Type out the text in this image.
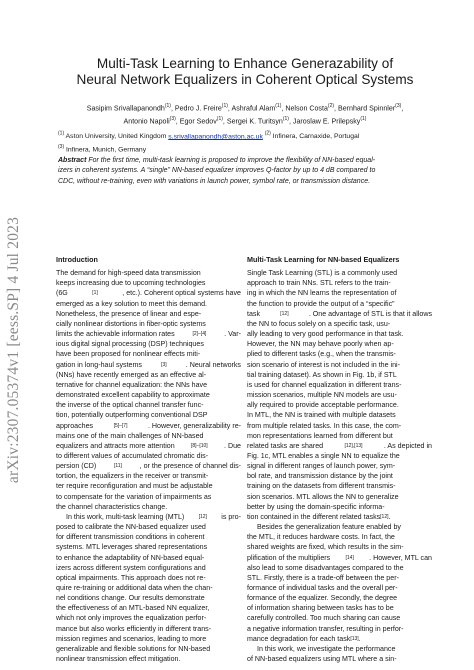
arXiv:2307.05374v1 [eess.SP] 4 Jul 2023
Multi-Task Learning to Enhance Generazability of
Neural Network Equalizers in Coherent Optical Systems
Sasipim Srivallapanondh$^{(1)}$, Pedro J. Freire$^{(1)}$, Ashraful Alam$^{(1)}$, Nelson Costa$^{(2)}$, Bernhard Spinnler$^{(3)}$,
Antonio Napoli$^{(3)}$, Egor Sedov$^{(1)}$, Sergei K. Turitsyn$^{(1)}$, Jaroslaw E. Prilepsky$^{(1)}$
$^{(1)}$ Aston University, United Kingdom s.srivallapanondh@aston.ac.uk $^{(2)}$ Infinera, Carnaxide, Portugal
$^{(3)}$ Infinera, Munich, Germany
Abstract For the first time, multi-task learning is proposed to improve the flexibility of NN-based equal-
izers in coherent systems. A “single” NN-based equalizer improves Q-factor by up to 4 dB compared to
CDC, without re-training, even with variations in launch power, symbol rate, or transmission distance.
Introduction
The demand for high-speed data transmission
keeps increasing due to upcoming technologies
(6G	[1]	, etc.). Coherent optical systems have
emerged as a key solution to meet this demand.
Nonetheless, the presence of linear and espe-
cially nonlinear distortions in fiber-optic systems
limits the achievable information rates	[2]–[4]	. Var-
ious digital signal processing (DSP) techniques
have been proposed for nonlinear effects miti-
gation in long-haul systems	[3]	. Neural networks
(NNs) have recently emerged as an effective al-
ternative for channel equalization: the NNs have
demonstrated excellent capability to approximate
the inverse of the optical channel transfer func-
tion, potentially outperforming conventional DSP
approaches	[5]–[7]	. However, generalizability re-
mains one of the main challenges of NN-based
equalizers and attracts more attention	[8]–[10] . Due
to different values of accumulated chromatic dis-
persion (CD)	[11] , or the presence of channel dis-
tortion, the equalizers in the receiver or transmit-
ter require reconfiguration and must be adjustable
to compensate for the variation of impairments as
the channel characteristics change.
In this work, multi-task learning (MTL)	[12] is pro-
posed to calibrate the NN-based equalizer used
for different transmission conditions in coherent
systems. MTL leverages shared representations
to enhance the adaptability of NN-based equal-
izers across different system configurations and
optical impairments. This approach does not re-
quire re-training or additional data when the chan-
nel conditions change. Our results demonstrate
the effectiveness of an MTL-based NN equalizer,
which not only improves the equalization perfor-
mance but also works efficiently in different trans-
mission regimes and scenarios, leading to more
generalizable and flexible solutions for NN-based
nonlinear transmission effect mitigation.
Multi-Task Learning for NN-based Equalizers
Single Task Learning (STL) is a commonly used
approach to train NNs. STL refers to the train-
ing in which the NN learns the representation of
the function to provide the output of a “specific”
task	[12]	. One advantage of STL is that it allows
the NN to focus solely on a specific task, usu-
ally leading to very good performance in that task.
However, the NN may behave poorly when ap-
plied to different tasks (e.g., when the transmis-
sion scenario of interest is not included in the ini-
tial training dataset). As shown in Fig. 1b, if STL
is used for channel equalization in different trans-
mission scenarios, multiple NN models are usu-
ally required to provide acceptable performance.
In MTL, the NN is trained with multiple datasets
from multiple related tasks. In this case, the com-
mon representations learned from different but
related tasks are shared	[12],[13]	. As depicted in
Fig. 1c, MTL enables a single NN to equalize the
signal in different ranges of launch power, sym-
bol rate, and transmission distance by the joint
training on the datasets from different transmis-
sion scenarios. MTL allows the NN to generalize
better by using the domain-specific informa-
tion contained in the different related tasks [12] .
Besides the generalization feature enabled by
the MTL, it reduces hardware costs. In fact, the
shared weights are fixed, which results in the sim-
plification of the multipliers	[14] . However, MTL can
also lead to some disadvantages compared to the
STL. Firstly, there is a trade-off between the per-
formance of individual tasks and the overall per-
formance of the equalizer. Secondly, the degree
of information sharing between tasks has to be
carefully controlled. Too much sharing can cause
a negative information transfer, resulting in perfor-
mance degradation for each task [13] .
In this work, we investigate the performance
of NN-based equalizers using MTL where a sin-
